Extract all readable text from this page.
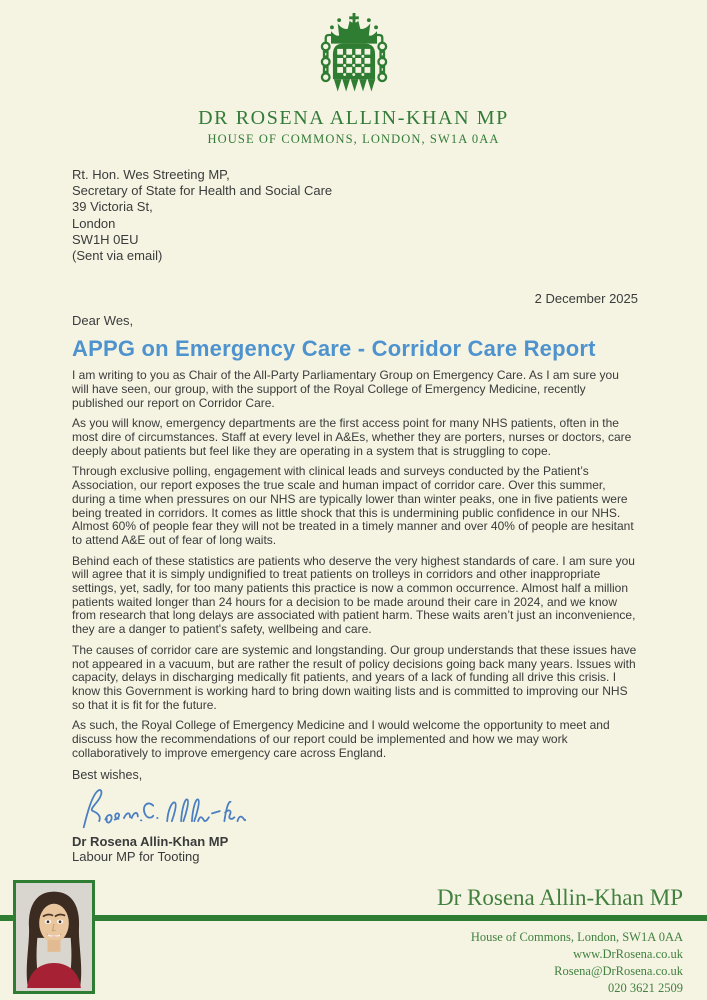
DR ROSENA ALLIN-KHAN MP
HOUSE OF COMMONS, LONDON, SW1A 0AA
Rt. Hon. Wes Streeting MP,
Secretary of State for Health and Social Care
39 Victoria St,
London
SW1H 0EU
(Sent via email)
2 December 2025
Dear Wes,
APPG on Emergency Care - Corridor Care Report

I am writing to you as Chair of the All-Party Parliamentary Group on Emergency Care. As I am sure you will have seen, our group, with the support of the Royal College of Emergency Medicine, recently published our report on Corridor Care.

As you will know, emergency departments are the first access point for many NHS patients, often in the most dire of circumstances. Staff at every level in A&Es, whether they are porters, nurses or doctors, care deeply about patients but feel like they are operating in a system that is struggling to cope.

Through exclusive polling, engagement with clinical leads and surveys conducted by the Patient’s Association, our report exposes the true scale and human impact of corridor care. Over this summer, during a time when pressures on our NHS are typically lower than winter peaks, one in five patients were being treated in corridors. It comes as little shock that this is undermining public confidence in our NHS. Almost 60% of people fear they will not be treated in a timely manner and over 40% of people are hesitant to attend A&E out of fear of long waits.

Behind each of these statistics are patients who deserve the very highest standards of care. I am sure you will agree that it is simply undignified to treat patients on trolleys in corridors and other inappropriate settings, yet, sadly, for too many patients this practice is now a common occurrence. Almost half a million patients waited longer than 24 hours for a decision to be made around their care in 2024, and we know from research that long delays are associated with patient harm. These waits aren’t just an inconvenience, they are a danger to patient's safety, wellbeing and care.

The causes of corridor care are systemic and longstanding. Our group understands that these issues have not appeared in a vacuum, but are rather the result of policy decisions going back many years. Issues with capacity, delays in discharging medically fit patients, and years of a lack of funding all drive this crisis. I know this Government is working hard to bring down waiting lists and is committed to improving our NHS so that it is fit for the future.

As such, the Royal College of Emergency Medicine and I would welcome the opportunity to meet and discuss how the recommendations of our report could be implemented and how we may work collaboratively to improve emergency care across England.

Best wishes,
Dr Rosena Allin-Khan MP
Labour MP for Tooting
Dr Rosena Allin-Khan MP
House of Commons, London, SW1A 0AA
www.DrRosena.co.uk
Rosena@DrRosena.co.uk
020 3621 2509
